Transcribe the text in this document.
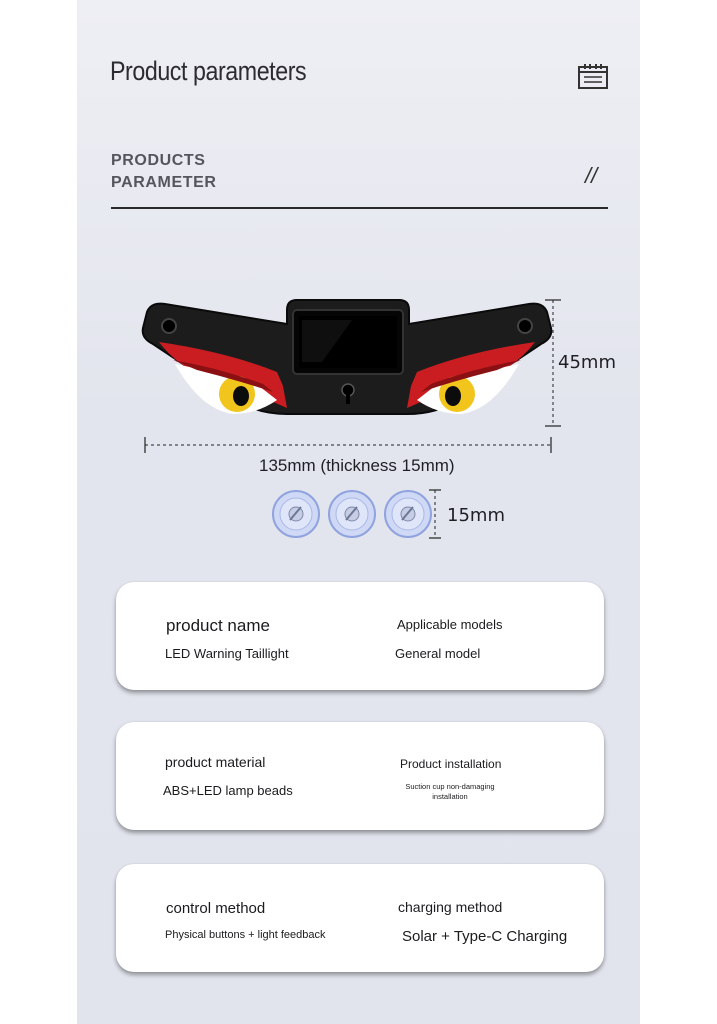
Product parameters
PRODUCTS
PARAMETER	//
45mm
135mm (thickness 15mm)
15mm
product name
LED Warning Taillight
Applicable models
General model
product material
ABS+LED lamp beads
Product installation
Suction cup non-damaging
installation
control method
Physical buttons + light feedback
charging method
Solar + Type-C Charging
